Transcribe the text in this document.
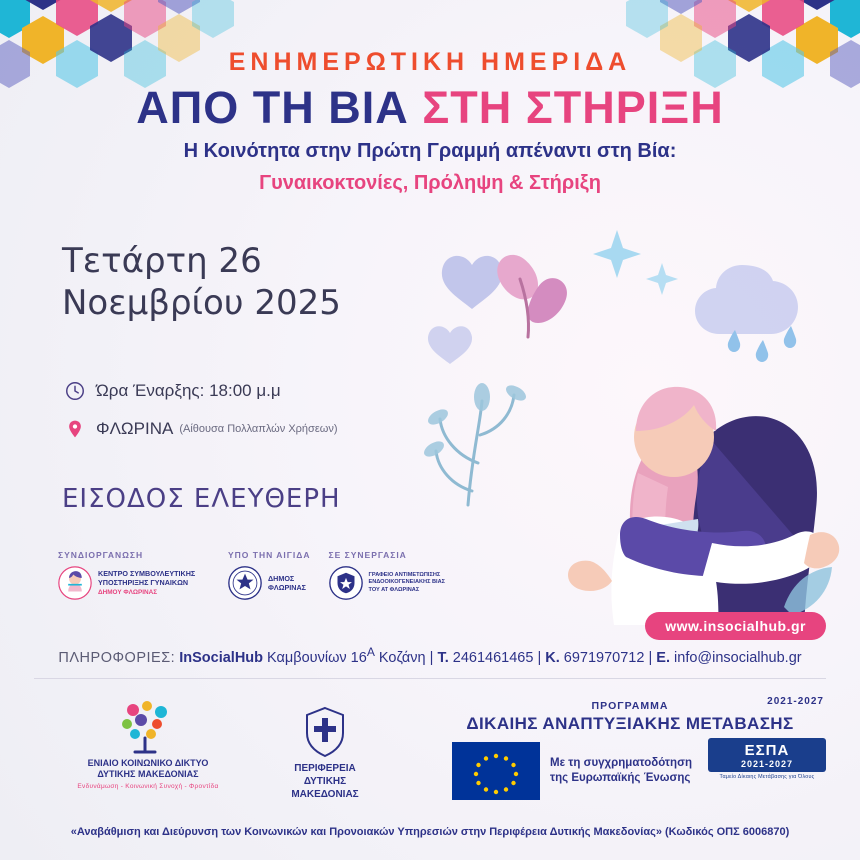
ΕΝΗΜΕΡΩΤΙΚΗ ΗΜΕΡΙΔΑ
ΑΠΟ ΤΗ ΒΙΑ ΣΤΗ ΣΤΗΡΙΞΗ
Η Κοινότητα στην Πρώτη Γραμμή απέναντι στη Βία:
Γυναικοκτονίες, Πρόληψη & Στήριξη
Τετάρτη 26
Νοεμβρίου 2025
Ώρα Έναρξης:
18:00 μ.μ
ΦΛΩΡΙΝΑ (Αίθουσα Πολλαπλών Χρήσεων)
ΕΙΣΟΔΟΣ ΕΛΕΥΘΕΡΗ
ΣΥΝΔΙΟΡΓΑΝΩΣΗ
ΚΕΝΤΡΟ ΣΥΜΒΟΥΛΕΥΤΙΚΗΣ ΥΠΟΣΤΗΡΙΞΗΣ ΓΥΝΑΙΚΩΝ
ΔΗΜΟΥ ΦΛΩΡΙΝΑΣ
ΥΠΟ ΤΗΝ ΑΙΓΙΔΑ
ΔΗΜΟΣ
ΦΛΩΡΙΝΑΣ
ΣΕ ΣΥΝΕΡΓΑΣΙΑ
ΓΡΑΦΕΙΟ ΑΝΤΙΜΕΤΩΠΙΣΗΣ ΕΝΔΟΟΙΚΟΓΕΝΕΙΑΚΗΣ ΒΙΑΣ
ΤΟΥ ΑΤ ΦΛΩΡΙΝΑΣ
www.insocialhub.gr
ΠΛΗΡΟΦΟΡΙΕΣ: InSocialHub Καμβουνίων $16^A$ Κοζάνη | Τ. 2461461465 | Κ. 6971970712 | E. info@insocialhub.gr
ΕΝΙΑΙΟ ΚΟΙΝΩΝΙΚΟ ΔΙΚΤΥΟ
ΔΥΤΙΚΗΣ ΜΑΚΕΔΟΝΙΑΣ
Ενδυνάμωση - Κοινωνική Συνοχή - Φροντίδα
ΠΕΡΙΦΕΡΕΙΑ
ΔΥΤΙΚΗΣ
ΜΑΚΕΔΟΝΙΑΣ
ΠΡΟΓΡΑΜΜΑ
ΔΙΚΑΙΗΣ ΑΝΑΠΤΥΞΙΑΚΗΣ ΜΕΤΑΒΑΣΗΣ
2021-2027
Με τη συγχρηματοδότηση
της Ευρωπαϊκής Ένωσης
ΕΣΠΑ
2021-2027
Ταμείο Δίκαιης Μετάβασης για Όλους
«Αναβάθμιση και Διεύρυνση των Κοινωνικών και Προνοιακών Υπηρεσιών στην Περιφέρεια Δυτικής Μακεδονίας» (Κωδικός ΟΠΣ 6006870)
